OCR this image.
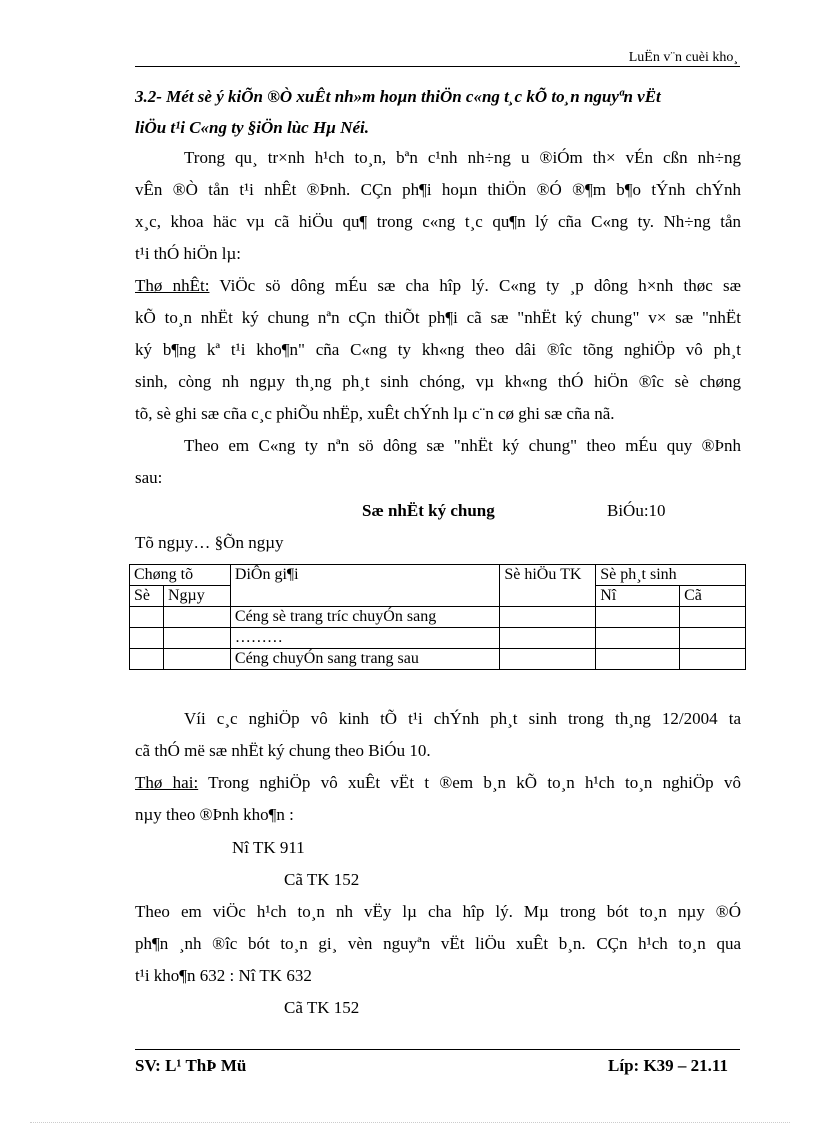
LuËn v¨n cuèi kho¸
3.2- Mét sè ý kiÕn ®Ò xuÊt nh»m hoµn thiÖn c«ng t¸c kÕ to¸n nguyªn vËt
liÖu t¹i C«ng ty §iÖn lùc Hµ Néi.
Trong qu¸ tr×nh h¹ch to¸n, bªn c¹nh nh÷ng u ®iÓm th× vÉn cßn nh÷ng
vÊn ®Ò tån t¹i nhÊt ®Þnh. CÇn ph¶i hoµn thiÖn ®Ó ®¶m b¶o tÝnh chÝnh
x¸c, khoa häc vµ cã hiÖu qu¶ trong c«ng t¸c qu¶n lý cña C«ng ty. Nh÷ng tån
t¹i thÓ hiÖn lµ:
Thø nhÊt: ViÖc sö dông mÉu sæ cha hîp lý. C«ng ty ¸p dông h×nh thøc sæ
kÕ to¸n nhËt ký chung nªn cÇn thiÕt ph¶i cã sæ "nhËt ký chung" v× sæ "nhËt
ký b¶ng kª t¹i kho¶n" cña C«ng ty kh«ng theo dâi ®îc tõng nghiÖp vô ph¸t
sinh, còng nh ngµy th¸ng ph¸t sinh chóng, vµ kh«ng thÓ hiÖn ®îc sè chøng
tõ, sè ghi sæ cña c¸c phiÕu nhËp, xuÊt chÝnh lµ c¨n cø ghi sæ cña nã.
Theo em C«ng ty nªn sö dông sæ "nhËt ký chung" theo mÉu quy ®Þnh
sau:
Sæ nhËt ký chung	BiÓu:10
Tõ ngµy… §Õn ngµy
Chøng tõ		DiÔn gi¶i	Sè hiÖu TK	Sè ph¸t sinh	
Sè	Ngµy			Nî	Cã
		Céng sè trang tríc chuyÓn sang			
		………			
		Céng chuyÓn sang trang sau			
Víi c¸c nghiÖp vô kinh tÕ t¹i chÝnh ph¸t sinh trong th¸ng 12/2004 ta
cã thÓ më sæ nhËt ký chung theo BiÓu 10.
Thø hai: Trong nghiÖp vô xuÊt vËt t ®em b¸n kÕ to¸n h¹ch to¸n nghiÖp vô
nµy theo ®Þnh kho¶n :
Nî TK 911
Cã TK 152
Theo em viÖc h¹ch to¸n nh vËy lµ cha hîp lý. Mµ trong bót to¸n nµy ®Ó
ph¶n ¸nh ®îc bót to¸n gi¸ vèn nguyªn vËt liÖu xuÊt b¸n. CÇn h¹ch to¸n qua
t¹i kho¶n 632 : Nî TK 632
Cã TK 152
SV: L¹ ThÞ Mü	Líp: K39 – 21.11
